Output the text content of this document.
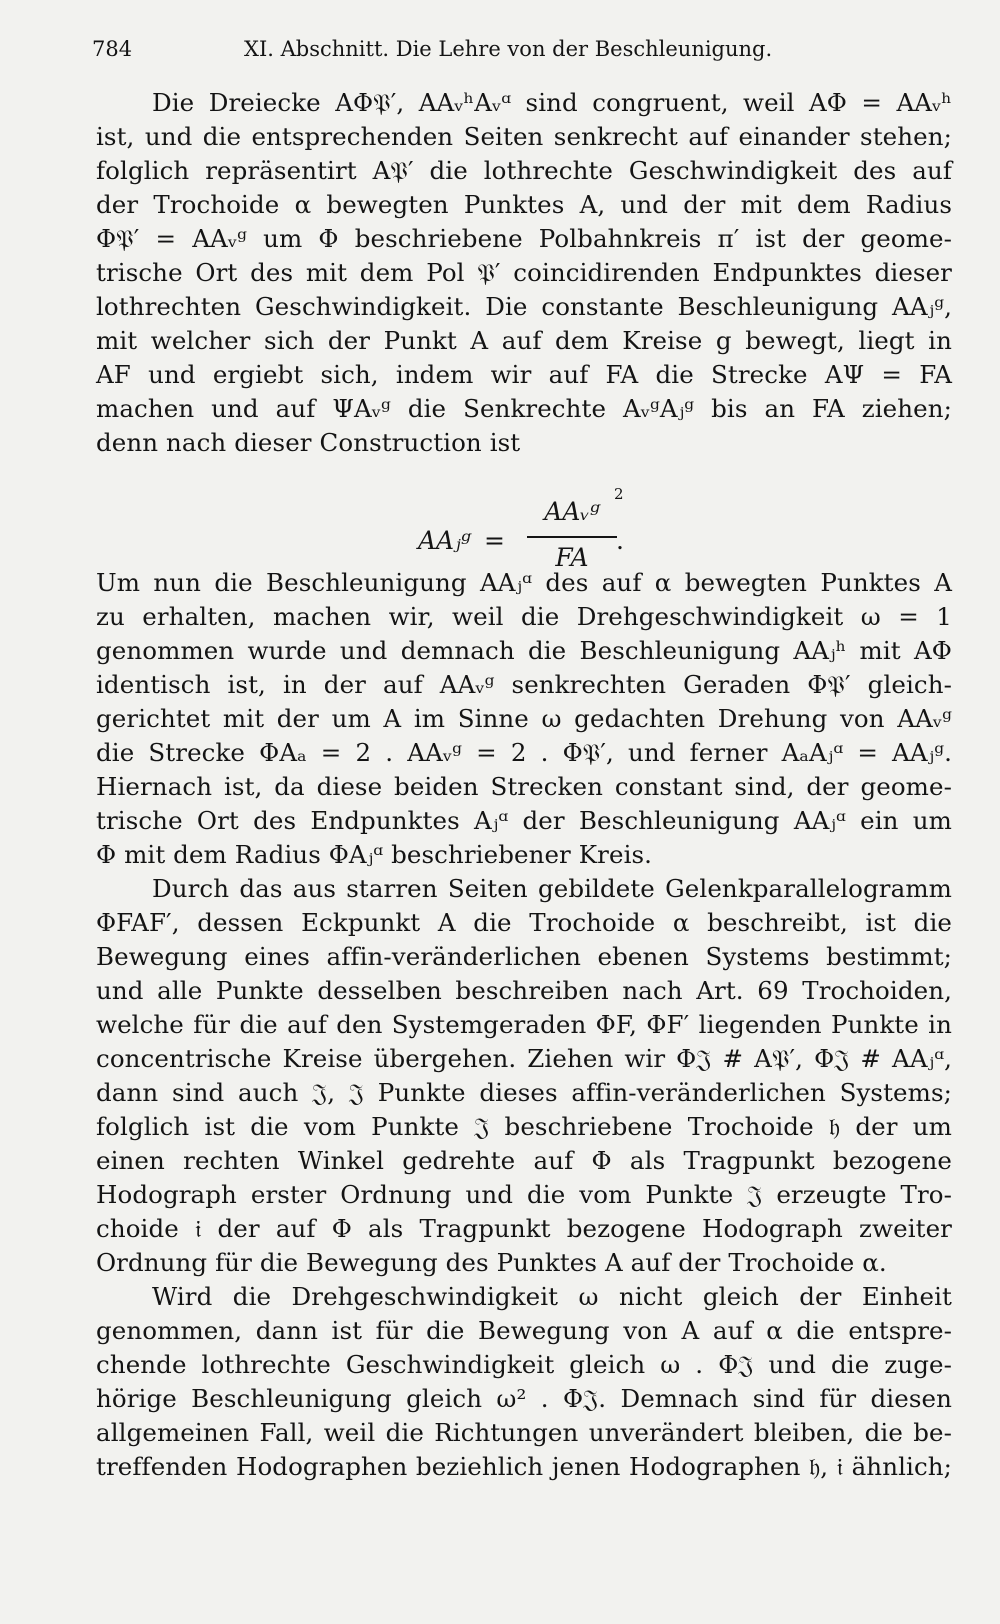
784	XI. Abschnitt. Die Lehre von der Beschleunigung.
Die Dreiecke AΦ𝔓′, AAᵥʰAᵥᵅ sind congruent, weil AΦ = AAᵥʰ
ist, und die entsprechenden Seiten senkrecht auf einander stehen;
folglich repräsentirt A𝔓′ die lothrechte Geschwindigkeit des auf
der Trochoide α bewegten Punktes A, und der mit dem Radius
Φ𝔓′ = AAᵥᵍ um Φ beschriebene Polbahnkreis π′ ist der geome-
trische Ort des mit dem Pol 𝔓′ coincidirenden Endpunktes dieser
lothrechten Geschwindigkeit. Die constante Beschleunigung AAⱼᵍ,
mit welcher sich der Punkt A auf dem Kreise g bewegt, liegt in
AF und ergiebt sich, indem wir auf FA die Strecke AΨ = FA
machen und auf ΨAᵥᵍ die Senkrechte AᵥᵍAⱼᵍ bis an FA ziehen;
denn nach dieser Construction ist
Um nun die Beschleunigung AAⱼᵅ des auf α bewegten Punktes A
zu erhalten, machen wir, weil die Drehgeschwindigkeit ω = 1
genommen wurde und demnach die Beschleunigung AAⱼʰ mit AΦ
identisch ist, in der auf AAᵥᵍ senkrechten Geraden Φ𝔓′ gleich-
gerichtet mit der um A im Sinne ω gedachten Drehung von AAᵥᵍ
die Strecke ΦAₐ = 2 . AAᵥᵍ = 2 . Φ𝔓′, und ferner AₐAⱼᵅ = AAⱼᵍ.
Hiernach ist, da diese beiden Strecken constant sind, der geome-
trische Ort des Endpunktes Aⱼᵅ der Beschleunigung AAⱼᵅ ein um
Φ mit dem Radius ΦAⱼᵅ beschriebener Kreis.
Durch das aus starren Seiten gebildete Gelenkparallelogramm
ΦFAF′, dessen Eckpunkt A die Trochoide α beschreibt, ist die
Bewegung eines affin-veränderlichen ebenen Systems bestimmt;
und alle Punkte desselben beschreiben nach Art. 69 Trochoiden,
welche für die auf den Systemgeraden ΦF, ΦF′ liegenden Punkte in
concentrische Kreise übergehen. Ziehen wir Φ𝔍 # A𝔓′, Φ𝔍 # AAⱼᵅ,
dann sind auch 𝔍, 𝔍 Punkte dieses affin-veränderlichen Systems;
folglich ist die vom Punkte 𝔍 beschriebene Trochoide 𝔥 der um
einen rechten Winkel gedrehte auf Φ als Tragpunkt bezogene
Hodograph erster Ordnung und die vom Punkte 𝔍 erzeugte Tro-
choide 𝔦 der auf Φ als Tragpunkt bezogene Hodograph zweiter
Ordnung für die Bewegung des Punktes A auf der Trochoide α.
Wird die Drehgeschwindigkeit ω nicht gleich der Einheit
genommen, dann ist für die Bewegung von A auf α die entspre-
chende lothrechte Geschwindigkeit gleich ω . Φ𝔍 und die zuge-
hörige Beschleunigung gleich ω² . Φ𝔍. Demnach sind für diesen
allgemeinen Fall, weil die Richtungen unverändert bleiben, die be-
treffenden Hodographen beziehlich jenen Hodographen 𝔥, 𝔦 ähnlich;
AAⱼᵍ =
AAᵥᵍ
2
FA
.
